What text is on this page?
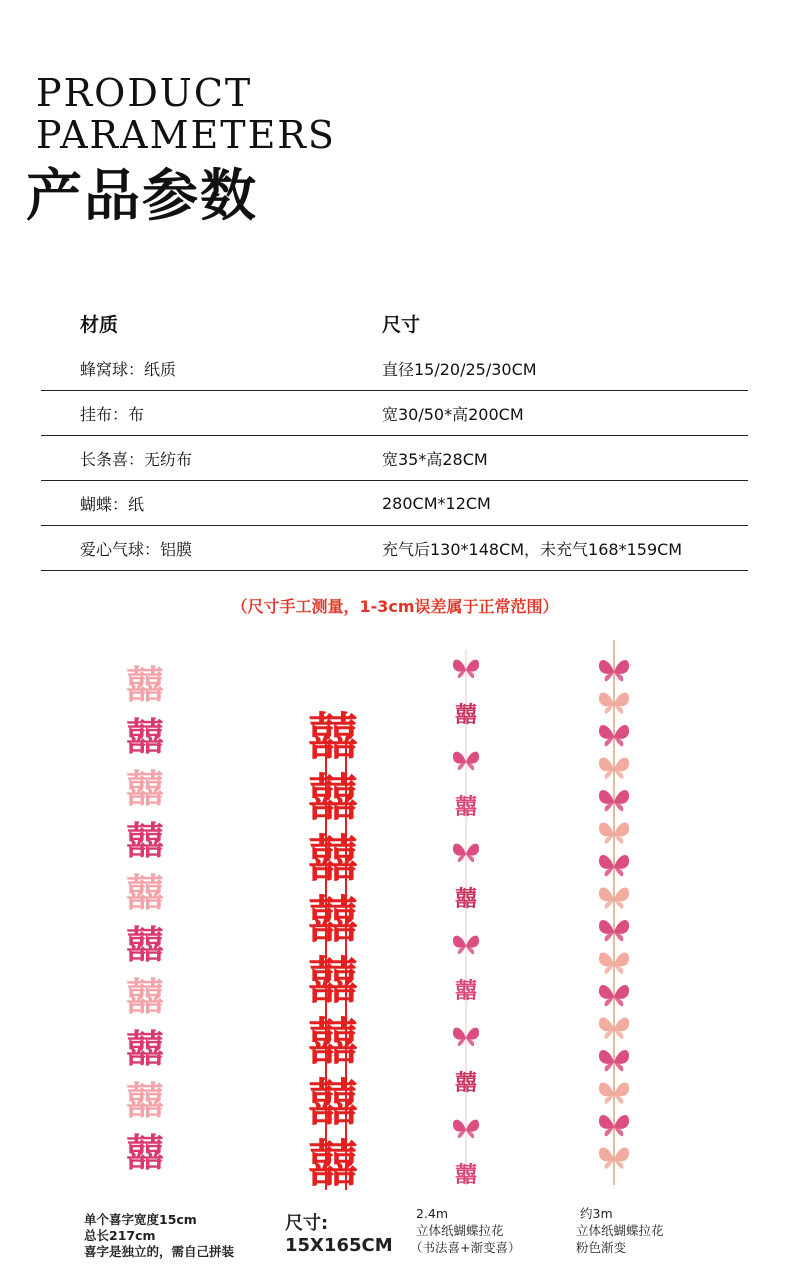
PRODUCT
PARAMETERS
产品参数
材质	尺寸
蜂窝球：纸质	直径15/20/25/30CM
挂布：布	宽30/50*高200CM
长条喜：无纺布	宽35*高28CM
蝴蝶：纸	280CM*12CM
爱心气球：铝膜	充气后130*148CM，未充气168*159CM
（尺寸手工测量，1-3cm误差属于正常范围）
囍
囍
囍
囍
囍
囍
囍
囍
囍
囍
单个喜字宽度15cm
总长217cm
喜字是独立的，需自己拼装
囍
囍
囍
囍
囍
囍
囍
囍
尺寸:
15X165CM
囍
囍
囍
囍
囍
囍
2.4m
立体纸蝴蝶拉花
（书法喜+渐变喜）
约3m
立体纸蝴蝶拉花
粉色渐变
